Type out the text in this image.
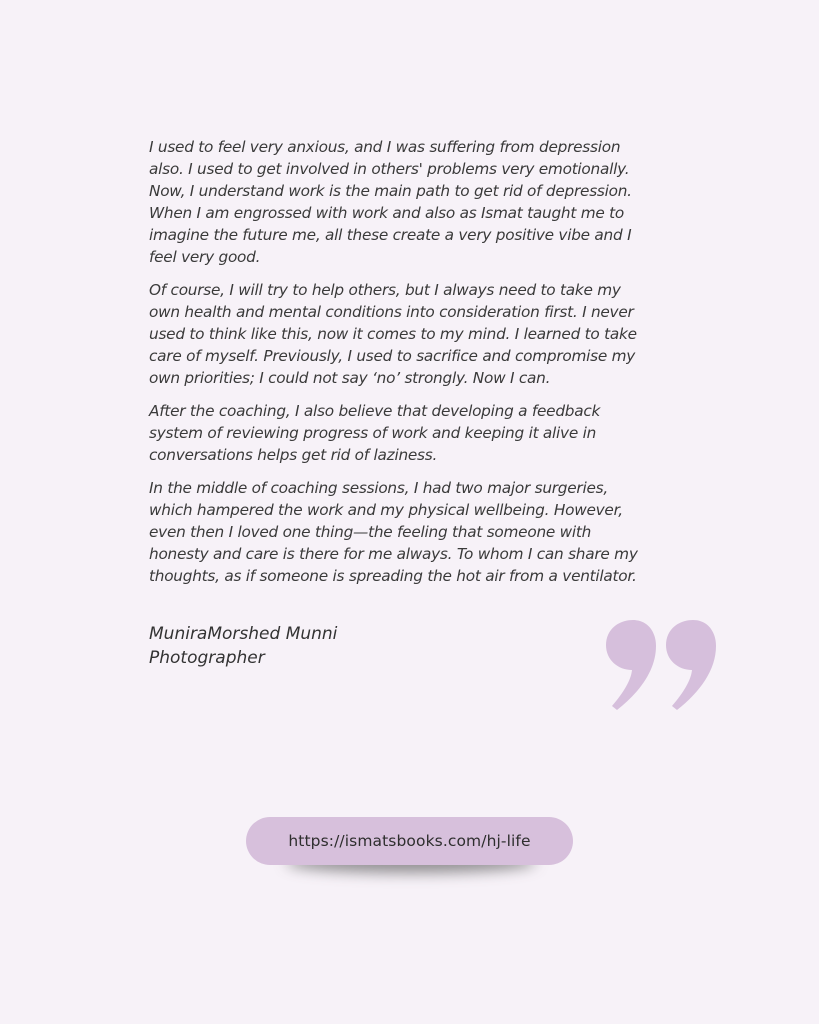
I used to feel very anxious, and I was suffering from depression
also. I used to get involved in others' problems very emotionally.
Now, I understand work is the main path to get rid of depression.
When I am engrossed with work and also as Ismat taught me to
imagine the future me, all these create a very positive vibe and I
feel very good.

Of course, I will try to help others, but I always need to take my
own health and mental conditions into consideration first. I never
used to think like this, now it comes to my mind. I learned to take
care of myself. Previously, I used to sacrifice and compromise my
own priorities; I could not say ‘no’ strongly. Now I can.

After the coaching, I also believe that developing a feedback
system of reviewing progress of work and keeping it alive in
conversations helps get rid of laziness.

In the middle of coaching sessions, I had two major surgeries,
which hampered the work and my physical wellbeing. However,
even then I loved one thing—the feeling that someone with
honesty and care is there for me always. To whom I can share my
thoughts, as if someone is spreading the hot air from a ventilator.

MuniraMorshed Munni
Photographer
https://ismatsbooks.com/hj-life
